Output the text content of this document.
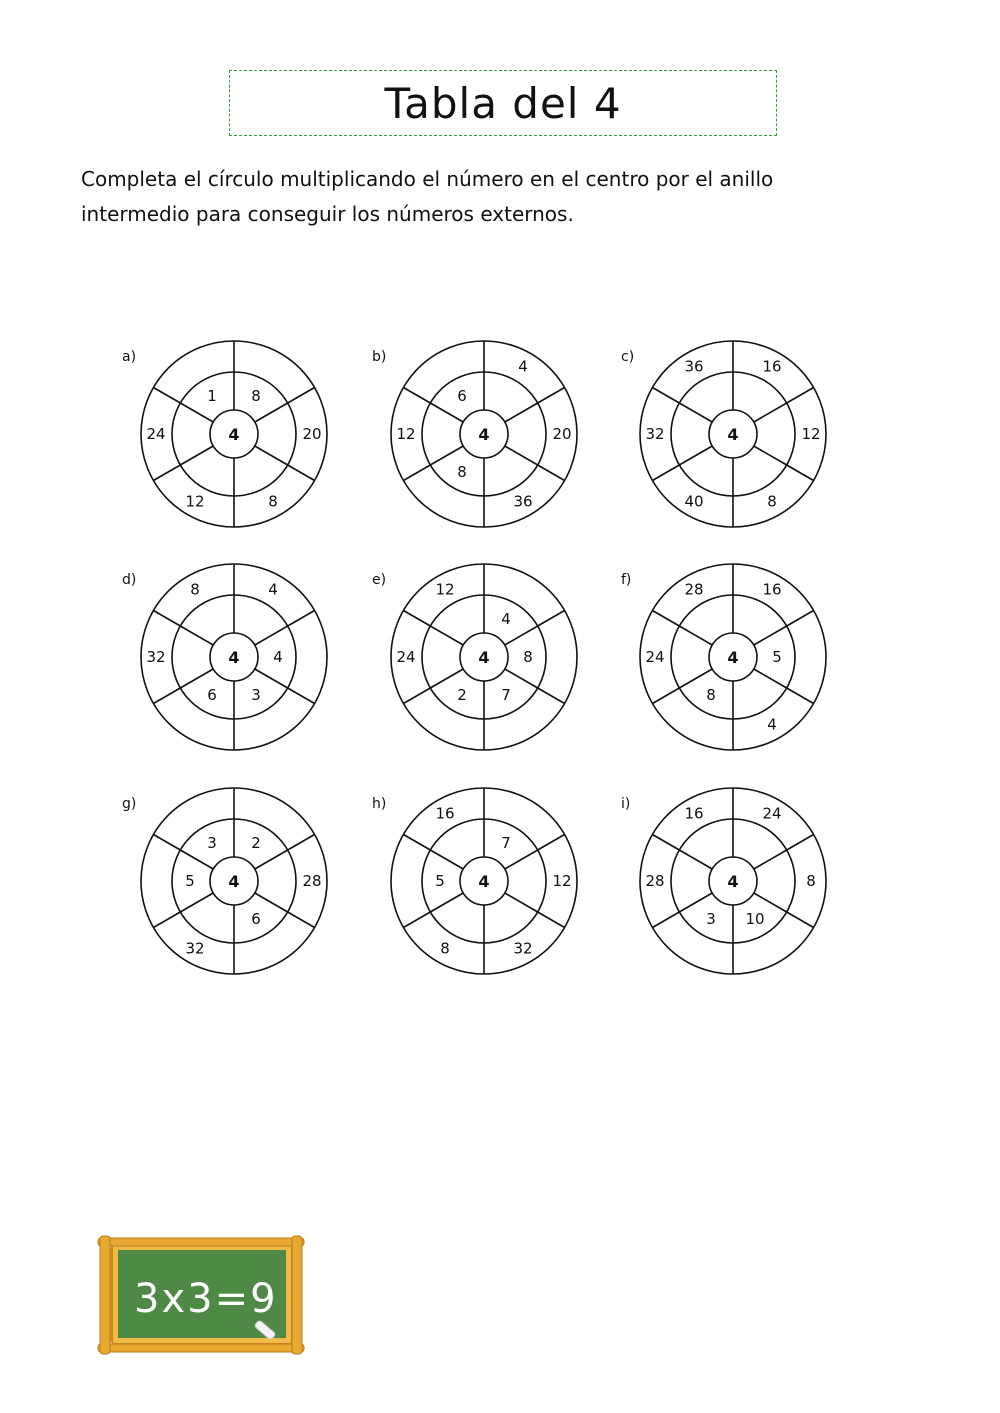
Tabla del 4

Completa el círculo multiplicando el número en el centro por el anillo intermedio para conseguir los números externos.

a)
4
8
1
20
8
12
24
b)
4
8
6
4
20
36
12
c)
4
16
12
8
40
32
36
d)
4 4
3
6
4
32
8
e)
4
4
8
7
2
24
12
f)
4 5
8
16
4
24
28
g)
4
2
6
5
3
28
32
h)
4
7
5	12
32
8
16
i)
4
10
3
24
8
28
16
3x3=9
